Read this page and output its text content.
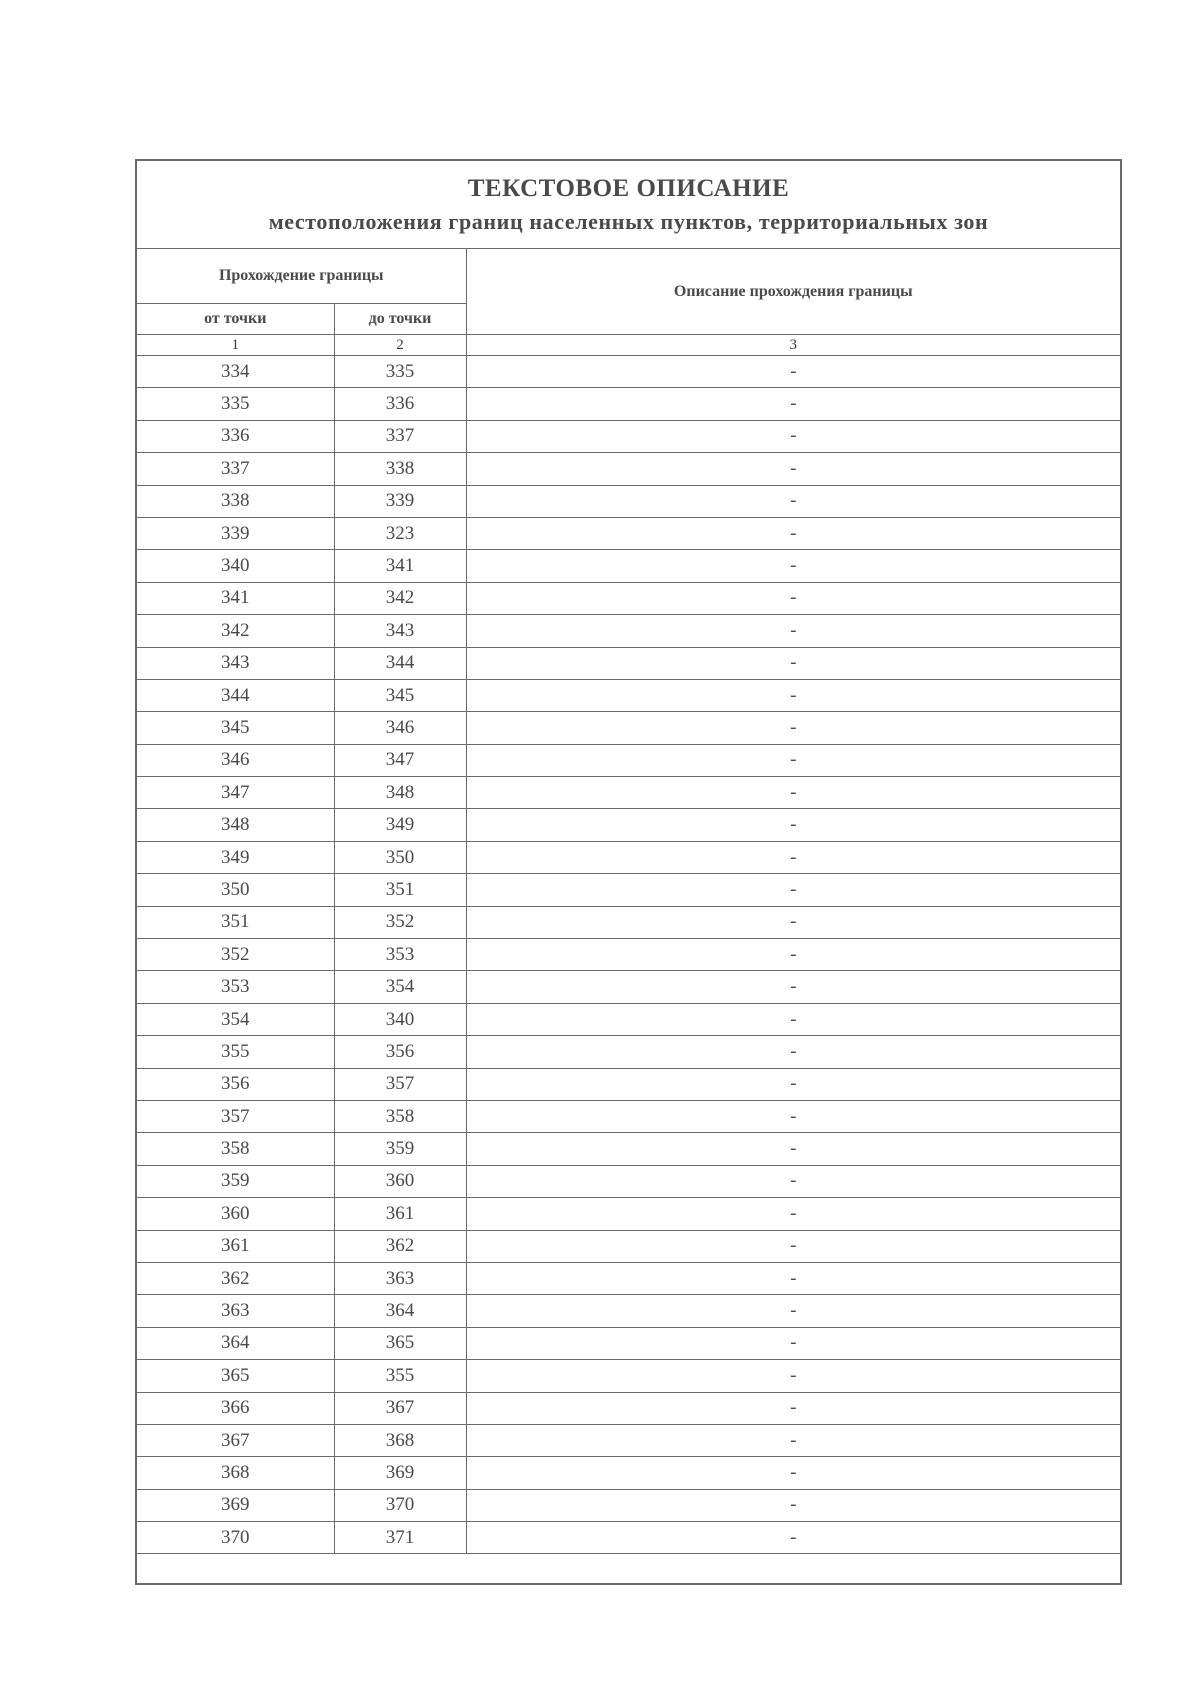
ТЕКСТОВОЕ ОПИСАНИЕ
местоположения границ населенных пунктов, территориальных зон
Прохождение границы		Описание прохождения границы
от точки	до точки	
1	2	3
334	335	-
335	336	-
336	337	-
337	338	-
338	339	-
339	323	-
340	341	-
341	342	-
342	343	-
343	344	-
344	345	-
345	346	-
346	347	-
347	348	-
348	349	-
349	350	-
350	351	-
351	352	-
352	353	-
353	354	-
354	340	-
355	356	-
356	357	-
357	358	-
358	359	-
359	360	-
360	361	-
361	362	-
362	363	-
363	364	-
364	365	-
365	355	-
366	367	-
367	368	-
368	369	-
369	370	-
370	371	-
